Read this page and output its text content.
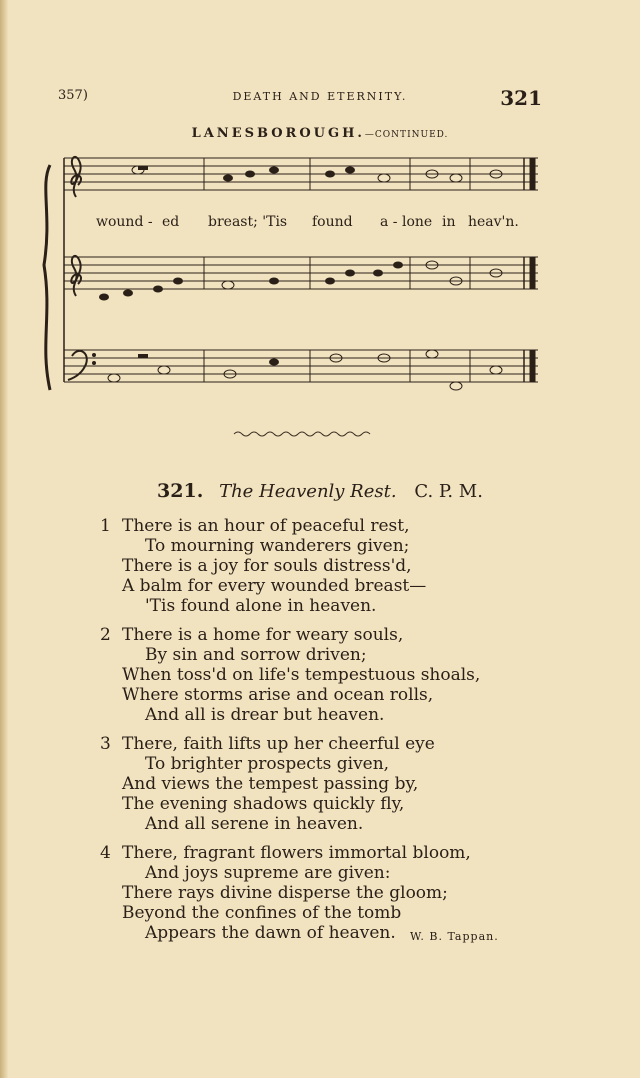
357)	DEATH AND ETERNITY.	321
LANESBOROUGH.—CONTINUED.
wound - ed breast; 'Tis found a - lone in heav'n.
321. The Heavenly Rest. C. P. M.
1 There is an hour of peaceful rest,
To mourning wanderers given;
There is a joy for souls distress'd,
A balm for every wounded breast—
'Tis found alone in heaven.
2 There is a home for weary souls,
By sin and sorrow driven;
When toss'd on life's tempestuous shoals,
Where storms arise and ocean rolls,
And all is drear but heaven.
3 There, faith lifts up her cheerful eye
To brighter prospects given,
And views the tempest passing by,
The evening shadows quickly fly,
And all serene in heaven.
4 There, fragrant flowers immortal bloom,
And joys supreme are given:
There rays divine disperse the gloom;
Beyond the confines of the tomb
Appears the dawn of heaven.	W. B. Tappan.
